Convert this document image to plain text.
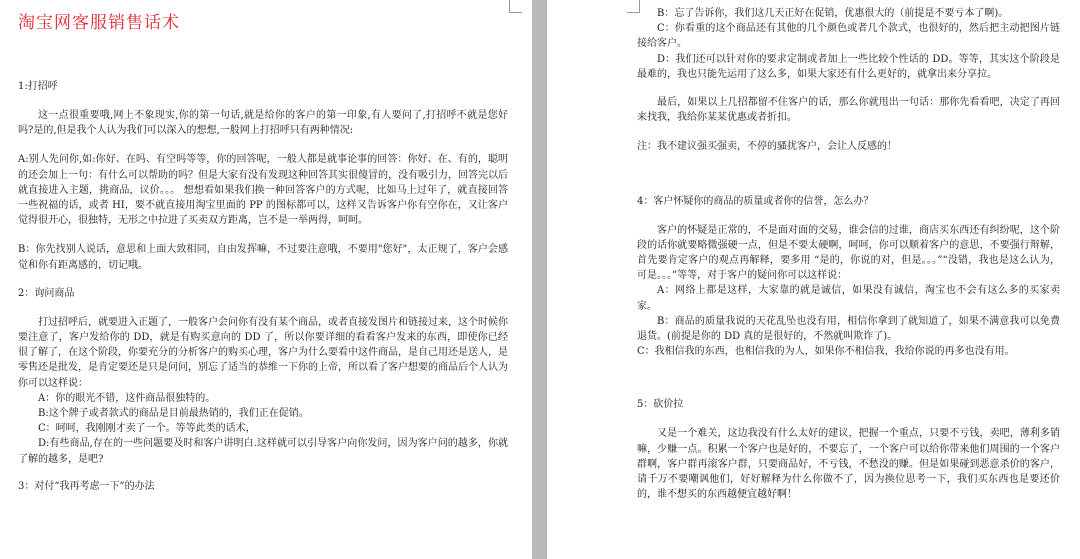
淘宝网客服销售话术
1:打招呼

这一点很重要哦,网上不象现实,你的第一句话,就是给你的客户的第一印象,有人要问了,打招呼不就是您好吗?是的,但是我个人认为我们可以深入的想想,一般网上打招呼只有两种情况:

A:别人先问你,如:你好、在吗、有空吗等等，你的回答呢，一般人都是就事论事的回答：你好、在、有的，聪明的还会加上一句：有什么可以帮助的吗？但是大家有没有发现这种回答其实很傻冒的，没有吸引力，回答完以后就直接进入主题，挑商品，议价。。。 想想看如果我们换一种回答客户的方式呢，比如马上过年了，就直接回答一些祝福的话，或者 HI，要不就直接用淘宝里面的 PP 的图标都可以，这样又告诉客户你有空你在，又让客户觉得很开心，很独特，无形之中拉进了买卖双方距离，岂不是一举两得，呵呵。

B：你先找别人说话，意思和上面大致相同，自由发挥嘛，不过要注意哦，不要用"您好"，太正规了，客户会感觉和你有距离感的，切记哦。

2：询问商品
打过招呼后，就要进入正题了，一般客户会问你有没有某个商品，或者直接发图片和链接过来，这个时候你要注意了，客户发给你的 DD，就是有购买意向的 DD 了，所以你要详细的看看客户发来的东西，即使你已经很了解了，在这个阶段，你要充分的分析客户的购买心理，客户为什么要看中这件商品，是自己用还是送人，是零售还是批发，是肯定要还是只是问问，别忘了适当的恭维一下你的上帝，所以看了客户想要的商品后个人认为你可以这样说：
A：你的眼光不错，这件商品很独特的。
B:这个牌子或者款式的商品是目前最热销的，我们正在促销。
C：呵呵，我刚刚才卖了一个。等等此类的话术，
D:有些商品,存在的一些问题要及时和客户讲明白.这样就可以引导客户向你发问，因为客户问的越多，你就了解的越多，是吧?
3：对付“我再考虑一下”的办法
B：忘了告诉你，我们这几天正好在促销，优惠很大的（前提是不要亏本了啊)。
C：你看重的这个商品还有其他的几个颜色或者几个款式，也很好的，然后把主动把图片链接给客户。
D：我们还可以针对你的要求定制或者加上一些比较个性话的 DD。等等，其实这个阶段是最难的，我也只能先运用了这么多，如果大家还有什么更好的，就拿出来分享拉。

最后，如果以上几招都留不住客户的话，那么你就甩出一句话：那你先看看吧，决定了再回来找我，我给你某某优惠或者折扣。

注：我不建议强买强卖，不停的骚扰客户，会让人反感的！

4：客户怀疑你的商品的质量或者你的信誉，怎么办？
客户的怀疑是正常的，不是面对面的交易，谁会信的过谁，商店买东西还有纠纷呢，这个阶段的话你就要略微强硬一点，但是不要太硬啊，呵呵，你可以顺着客户的意思，不要强行辩解，首先要肯定客户的观点再解释，要多用 “是的，你说的对，但是。。。”“没错，我也是这么认为，可是。。。”等等，对于客户的疑问你可以这样说：
A：网络上都是这样，大家靠的就是诚信，如果没有诚信，淘宝也不会有这么多的买家卖家。
B：商品的质量我说的天花乱坠也没有用，相信你拿到了就知道了，如果不满意我可以免费退货。(前提是你的 DD 真的是很好的，不然就叫欺诈了)。
C：我相信我的东西，也相信我的为人，如果你不相信我，我给你说的再多也没有用。
5：砍价拉

又是一个难关，这边我没有什么太好的建议，把握一个重点，只要不亏钱，卖吧，薄利多销嘛，少赚一点。积累一个客户也是好的，不要忘了，一个客户可以给你带来他们周围的一个客户群啊，客户群再滚客户群，只要商品好，不亏钱，不愁没的赚。但是如果碰到恶意杀价的客户，请千万不要嘲讽他们，好好解释为什么你做不了，因为换位思考一下，我们买东西也是要还价的，谁不想买的东西越便宜越好啊！
